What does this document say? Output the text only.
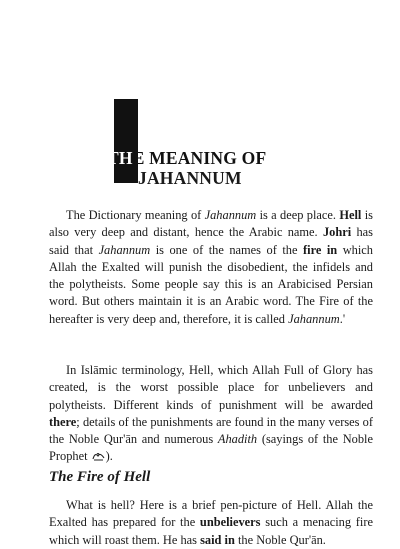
THE MEANING OF
JAHANNUM

The Dictionary meaning of Jahannum is a deep place. Hell is also very deep and distant, hence the Arabic name. Johri has said that Jahannum is one of the names of the fire in which Allah the Exalted will punish the disobedient, the infidels and the polytheists. Some people say this is an Arabicised Persian word. But others maintain it is an Arabic word. The Fire of the hereafter is very deep and, therefore, it is called Jahannum.'

In Islāmic terminology, Hell, which Allah Full of Glory has created, is the worst possible place for unbelievers and polytheists. Different kinds of punishment will be awarded there; details of the punishments are found in the many verses of the Noble Qur'ān and numerous Ahadith (sayings of the Noble Prophet ).

The Fire of Hell

What is hell? Here is a brief pen-picture of Hell. Allah the Exalted has prepared for the unbelievers such a menacing fire which will roast them. He has said in the Noble Qur'ān.
